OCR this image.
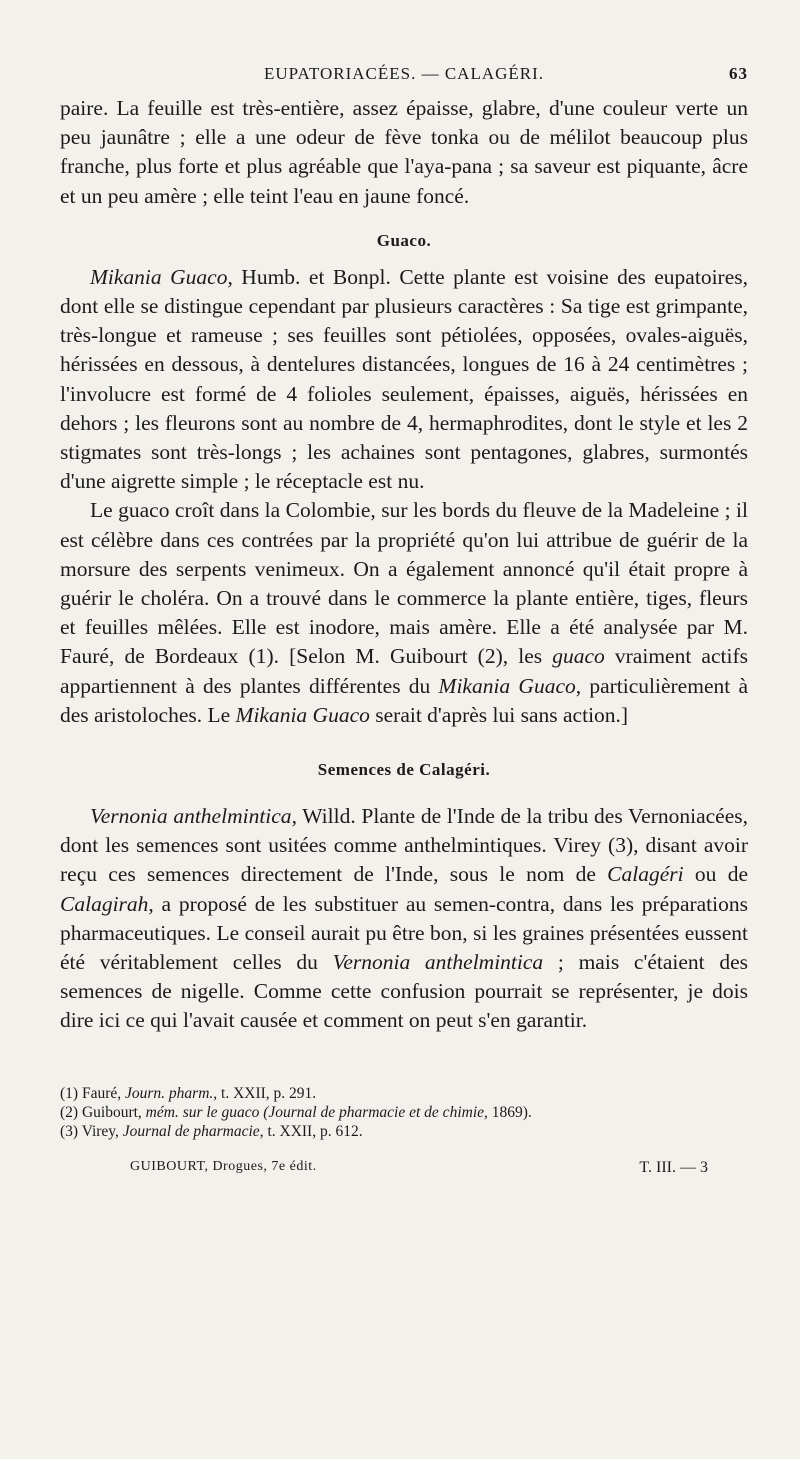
EUPATORIACÉES. — CALAGÉRI.	63

paire. La feuille est très-entière, assez épaisse, glabre, d'une couleur verte un peu jaunâtre ; elle a une odeur de fève tonka ou de mélilot beaucoup plus franche, plus forte et plus agréable que l'aya-pana ; sa saveur est piquante, âcre et un peu amère ; elle teint l'eau en jaune foncé.

Guaco.

Mikania Guaco, Humb. et Bonpl. Cette plante est voisine des eupatoires, dont elle se distingue cependant par plusieurs caractères : Sa tige est grimpante, très-longue et rameuse ; ses feuilles sont pétiolées, opposées, ovales-aiguës, hérissées en dessous, à dentelures distancées, longues de 16 à 24 centimètres ; l'involucre est formé de 4 folioles seulement, épaisses, aiguës, hérissées en dehors ; les fleurons sont au nombre de 4, hermaphrodites, dont le style et les 2 stigmates sont très-longs ; les achaines sont pentagones, glabres, surmontés d'une aigrette simple ; le réceptacle est nu.

Le guaco croît dans la Colombie, sur les bords du fleuve de la Madeleine ; il est célèbre dans ces contrées par la propriété qu'on lui attribue de guérir de la morsure des serpents venimeux. On a également annoncé qu'il était propre à guérir le choléra. On a trouvé dans le commerce la plante entière, tiges, fleurs et feuilles mêlées. Elle est inodore, mais amère. Elle a été analysée par M. Fauré, de Bordeaux (1). [Selon M. Guibourt (2), les guaco vraiment actifs appartiennent à des plantes différentes du Mikania Guaco, particulièrement à des aristoloches. Le Mikania Guaco serait d'après lui sans action.]

Semences de Calagéri.

Vernonia anthelmintica, Willd. Plante de l'Inde de la tribu des Vernoniacées, dont les semences sont usitées comme anthelmintiques. Virey (3), disant avoir reçu ces semences directement de l'Inde, sous le nom de Calagéri ou de Calagirah, a proposé de les substituer au semen-contra, dans les préparations pharmaceutiques. Le conseil aurait pu être bon, si les graines présentées eussent été véritablement celles du Vernonia anthelmintica ; mais c'étaient des semences de nigelle. Comme cette confusion pourrait se représenter, je dois dire ici ce qui l'avait causée et comment on peut s'en garantir.

(1) Fauré, Journ. pharm., t. XXII, p. 291.
(2) Guibourt, mém. sur le guaco (Journal de pharmacie et de chimie, 1869).
(3) Virey, Journal de pharmacie, t. XXII, p. 612.
GUIBOURT, Drogues, 7e édit.	T. III. — 3
